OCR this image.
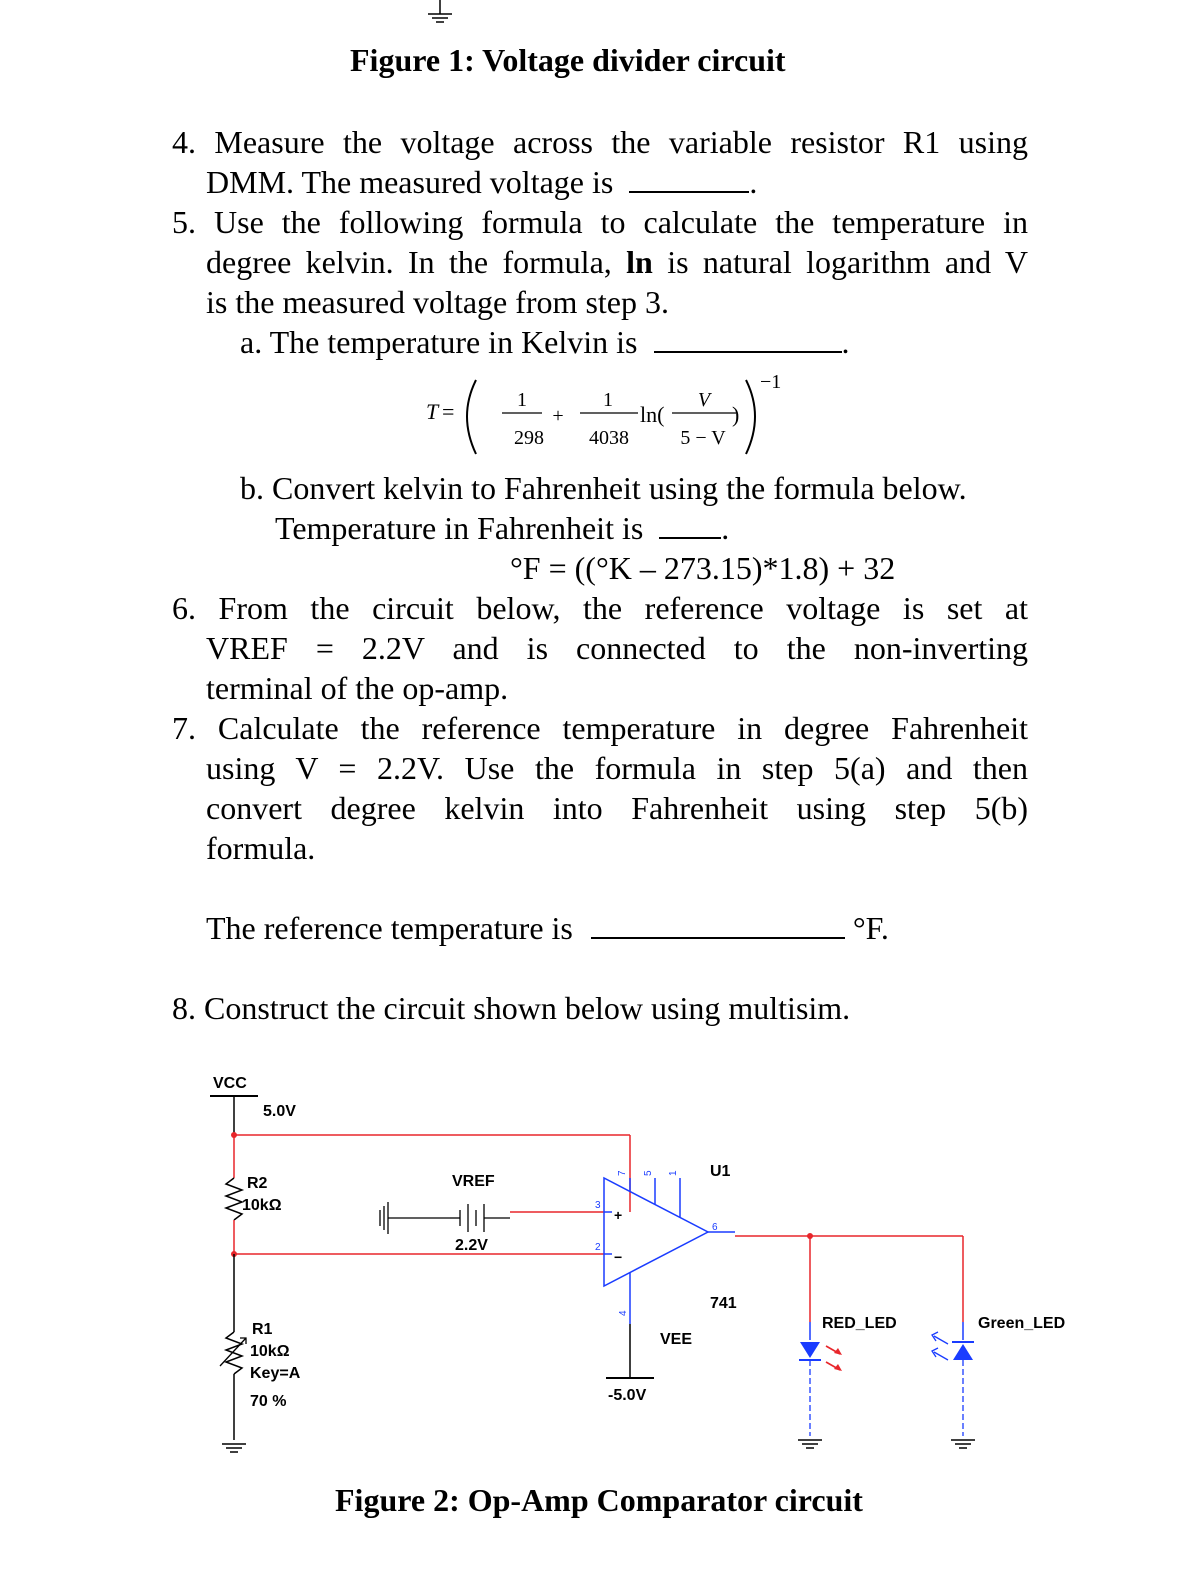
Figure 1: Voltage divider circuit
4. Measure the voltage across the variable resistor R1 using
DMM. The measured voltage is	.
5. Use the following formula to calculate the temperature in
degree kelvin. In the formula, ln is natural logarithm and V
is the measured voltage from step 3.
a. The temperature in Kelvin is	.
T =	1
298
+
1
4038
ln(
V
5 − V
)
−1
b. Convert kelvin to Fahrenheit using the formula below.
Temperature in Fahrenheit is .
°F = ((°K – 273.15)*1.8) + 32
6. From the circuit below, the reference voltage is set at
VREF = 2.2V and is connected to the non-inverting
terminal of the op-amp.
7. Calculate the reference temperature in degree Fahrenheit
using V = 2.2V. Use the formula in step 5(a) and then
convert degree kelvin into Fahrenheit using step 5(b)
formula.
The reference temperature is	°F.
8. Construct the circuit shown below using multisim.
VCC
5.0V
R2
10kΩ
R1
10kΩ
Key=A
70 %
VREF
2.2V
+
−
3
2
7 5 1
6
4
U1
741
VEE
-5.0V
RED_LED	Green_LED
Figure 2: Op-Amp Comparator circuit
